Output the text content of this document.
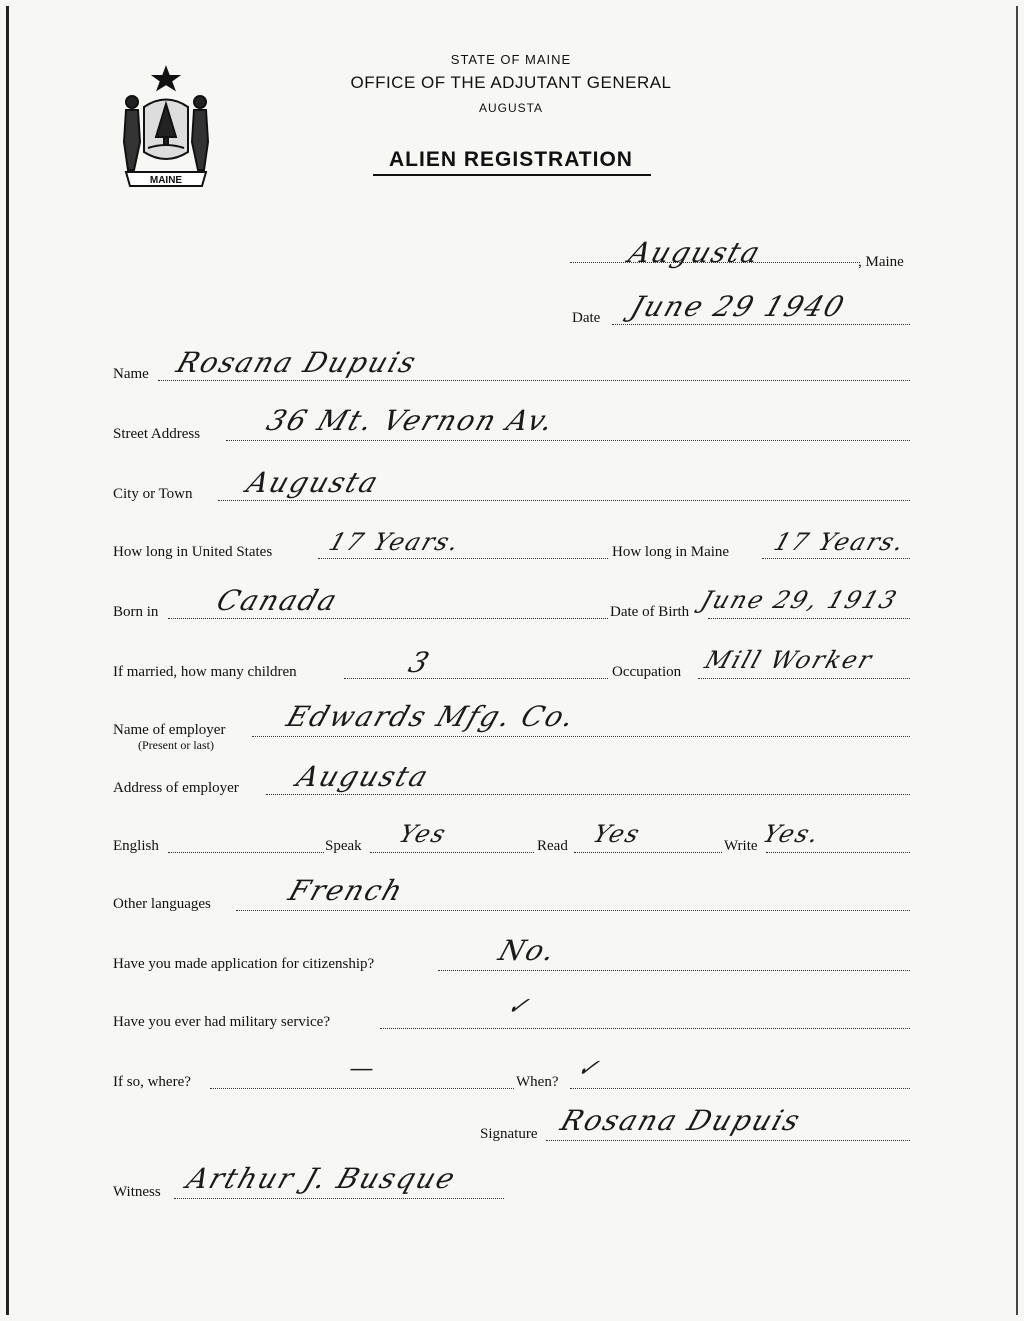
MAINE
STATE OF MAINE
OFFICE OF THE ADJUTANT GENERAL
AUGUSTA
ALIEN REGISTRATION
Augusta	, Maine
Date June 29 1940
Name Rosana Dupuis
Street Address 36 Mt. Vernon Av.
City or Town Augusta
How long in United States 17 Years.	How long in Maine 17 Years.
Born in Canada	Date of Birth June 29, 1913
If married, how many children	3	Occupation Mill Worker
Name of employer
(Present or last)
Edwards Mfg. Co.
Address of employer Augusta
English	Speak Yes	Read Yes	Write Yes.
Other languages	French
Have you made application for citizenship?	No.
Have you ever had military service?
✓
If so, where?	—	When? ✓
Signature Rosana Dupuis
Witness Arthur J. Busque
